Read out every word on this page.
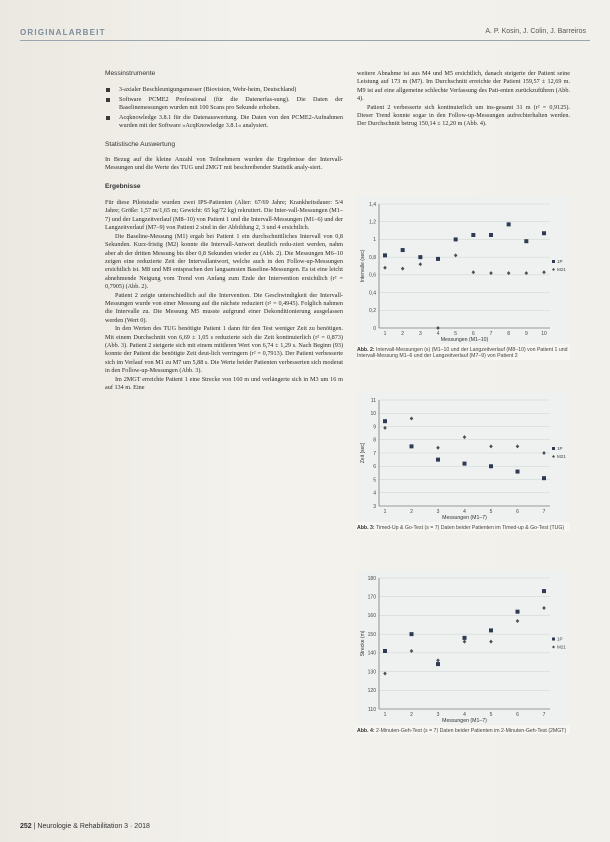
ORIGINALARBEIT	A. P. Kosin, J. Colin, J. Barreiros

Messinstrumente

3-axialer Beschleunigungsmesser (Biovision, Wehr-heim, Deutschland)
Software PCME2 Professional (für die Datenerfas-sung). Die Daten der Baselinemessungen wurden mit 100 Scans pro Sekunde erhoben.
Acqknowledge 3.8.1 für die Datenauswertung. Die Daten von den PCME2-Aufnahmen wurden mit der Software »AcqKnowledge 3.8.1« analysiert.

Statistische Auswertung

In Bezug auf die kleine Anzahl von Teilnehmern wurden die Ergebnisse der Intervall-Messungen und die Werte des TUG und 2MGT mit beschreibender Statistik analy-siert.

Ergebnisse

Für diese Pilotstudie wurden zwei IPS-Patienten (Alter: 67/69 Jahre; Krankheitsdauer: 5/4 Jahre; Größe: 1,57 m/1,65 m; Gewicht: 65 kg/72 kg) rekrutiert. Die Inter-vall-Messungen (M1–7) und der Langzeitverlauf (M8–10) von Patient 1 und die Intervall-Messungen (M1–6) und der Langzeitverlauf (M7–9) von Patient 2 sind in der Abbildung 2, 3 und 4 ersichtlich.

Die Baseline-Messung (M1) ergab bei Patient 1 ein durchschnittliches Intervall von 0,8 Sekunden. Kurz-fristig (M2) konnte die Intervall-Antwort deutlich redu-ziert werden, nahm aber ab der dritten Messung bis über 0,8 Sekunden wieder zu (Abb. 2). Die Messungen M6–10 zeigen eine reduzierte Zeit der Intervallantwort, welche auch in den Follow-up-Messungen ersichtlich ist. M8 und M9 entsprachen den langsamsten Baseline-Messungen. Es ist eine leicht abnehmende Neigung vom Trend von Anfang zum Ende der Intervention ersichtlich (r² = 0,7905) (Abb. 2).

Patient 2 zeigte unterschiedlich auf die Intervention. Die Geschwindigkeit der Intervall-Messungen wurde von einer Messung auf die nächste reduziert (r² = 0,4945). Folglich nahmen die Intervalle zu. Die Messung M5 musste aufgrund einer Dekonditionierung ausgelassen werden (Wert 0).

In den Werten des TUG benötigte Patient 1 dann für den Test weniger Zeit zu benötigen. Mit einem Durchschnitt von 6,69 ± 1,05 s reduzierte sich die Zeit kontinuierlich (r² = 0,873) (Abb. 3). Patient 2 steigerte sich mit einem mittleren Wert von 6,74 ± 1,29 s. Nach Beginn (93) konnte der Patient die benötigte Zeit deut-lich verringern (r² = 0,7913). Der Patient verbesserte sich im Verlauf von M1 zu M7 um 5,88 s. Die Werte beider Patienten verbesserten sich moderat in den Follow-up-Messungen (Abb. 3).

Im 2MGT erreichte Patient 1 eine Strecke von 160 m und verlängerte sich in M3 um 16 m auf 134 m. Eine

weitere Abnahme ist aus M4 und M5 ersichtlich, danach steigerte der Patient seine Leistung auf 173 m (M7). Im Durchschnitt erreichte der Patient 159,57 ± 12,69 m. M9 ist auf eine allgemeine schlechte Verfassung des Pati-enten zurückzuführen (Abb. 4).

Patient 2 verbesserte sich kontinuierlich um ins-gesamt 31 m (r² = 0,9125). Dieser Trend konnte sogar in den Follow-up-Messungen aufrechterhalten werden. Der Durchschnitt betrug 150,14 ± 12,20 m (Abb. 4).

0
0,2
0,4
0,6
0,8
1
1,2
1,4
1	2	3	4	5	6	7	8	9	10
Messungen (M1–10)
Intervalle (sec)	1P
M21
Abb. 2: Intervall-Messungen (s) (M1–10 und der Langzeitverlauf (M8–10) von Patient 1 und Intervall-Messung M1–6 und der Langzeitverlauf (M7–9) von Patient 2
3
4
5
6
7
8
9
10
11
1	2	3	4	5	6	7
Messungen (M1–7)
Zeit [sec]	1P
M21
Abb. 3: Timed-Up & Go-Test (s = 7) Daten beider Patienten im Timed-up & Go-Test (TUG)
110
120
130
140
150
160
170
180
1	2	3	4	5	6	7
Messungen (M1–7)
Strecke (m)	1P
M21
Abb. 4: 2-Minuten-Geh-Test (s = 7) Daten beider Patienten im 2-Minuten-Geh-Test (2MGT)
252 | Neurologie & Rehabilitation 3 · 2018
